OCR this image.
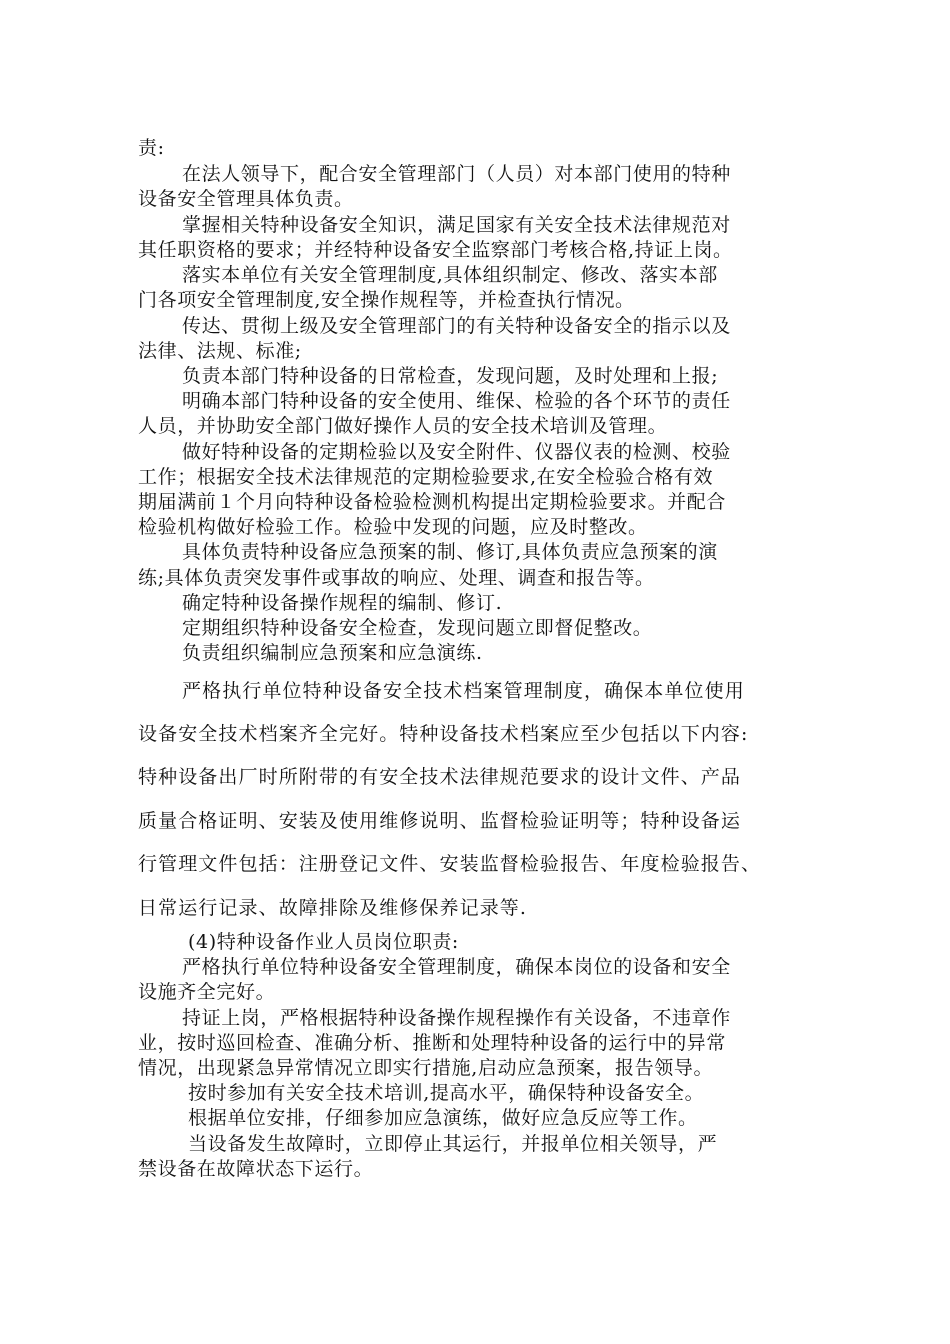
责:
在法人领导下，配合安全管理部门（人员）对本部门使用的特种
设备安全管理具体负责。
掌握相关特种设备安全知识，满足国家有关安全技术法律规范对
其任职资格的要求；并经特种设备安全监察部门考核合格,持证上岗。
落实本单位有关安全管理制度,具体组织制定、修改、落实本部
门各项安全管理制度,安全操作规程等，并检查执行情况。
传达、贯彻上级及安全管理部门的有关特种设备安全的指示以及
法律、法规、标准;
负责本部门特种设备的日常检查，发现问题，及时处理和上报;
明确本部门特种设备的安全使用、维保、检验的各个环节的责任
人员，并协助安全部门做好操作人员的安全技术培训及管理。
做好特种设备的定期检验以及安全附件、仪器仪表的检测、校验
工作；根据安全技术法律规范的定期检验要求,在安全检验合格有效
期届满前１个月向特种设备检验检测机构提出定期检验要求。并配合
检验机构做好检验工作。检验中发现的问题，应及时整改。
具体负责特种设备应急预案的制、修订,具体负责应急预案的演
练;具体负责突发事件或事故的响应、处理、调查和报告等。
确定特种设备操作规程的编制、修订.
定期组织特种设备安全检查，发现问题立即督促整改。
负责组织编制应急预案和应急演练.
严格执行单位特种设备安全技术档案管理制度，确保本单位使用
设备安全技术档案齐全完好。特种设备技术档案应至少包括以下内容:
特种设备出厂时所附带的有安全技术法律规范要求的设计文件、产品
质量合格证明、安装及使用维修说明、监督检验证明等；特种设备运
行管理文件包括：注册登记文件、安装监督检验报告、年度检验报告、
日常运行记录、故障排除及维修保养记录等.
(4)特种设备作业人员岗位职责:
严格执行单位特种设备安全管理制度，确保本岗位的设备和安全
设施齐全完好。
持证上岗，严格根据特种设备操作规程操作有关设备，不违章作
业，按时巡回检查、准确分析、推断和处理特种设备的运行中的异常
情况，出现紧急异常情况立即实行措施,启动应急预案，报告领导。
按时参加有关安全技术培训,提高水平，确保特种设备安全。
根据单位安排，仔细参加应急演练，做好应急反应等工作。
当设备发生故障时，立即停止其运行，并报单位相关领导，严
禁设备在故障状态下运行。
